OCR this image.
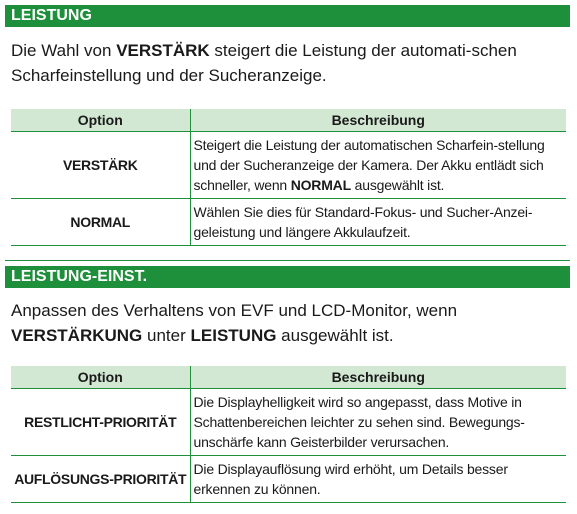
LEISTUNG
Die Wahl von VERSTÄRK steigert die Leistung der automati-schen Scharfeinstellung und der Sucheranzeige.
Option	Beschreibung
VERSTÄRK	Steigert die Leistung der automatischen Scharfein-stellung und der Sucheranzeige der Kamera. Der Akku entlädt sich schneller, wenn NORMAL ausgewählt ist.
NORMAL	Wählen Sie dies für Standard-Fokus- und Sucher-Anzei-geleistung und längere Akkulaufzeit.
LEISTUNG-EINST.
Anpassen des Verhaltens von EVF und LCD-Monitor, wenn VERSTÄRKUNG unter LEISTUNG ausgewählt ist.
Option	Beschreibung
RESTLICHT-PRIORITÄT	Die Displayhelligkeit wird so angepasst, dass Motive in Schattenbereichen leichter zu sehen sind. Bewegungs-unschärfe kann Geisterbilder verursachen.
AUFLÖSUNGS-PRIORITÄT	Die Displayauflösung wird erhöht, um Details besser erkennen zu können.
